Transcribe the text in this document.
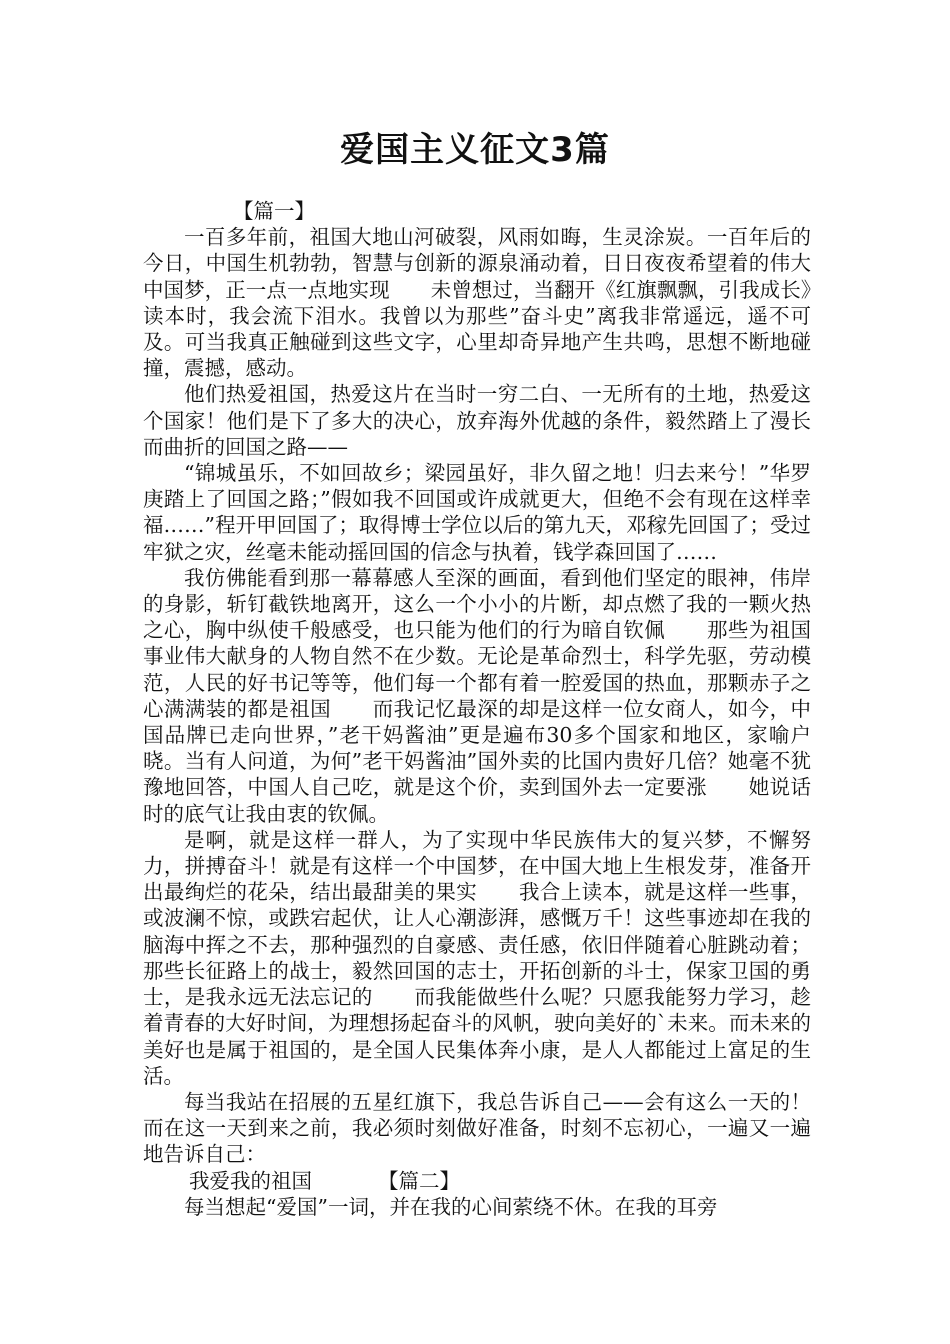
爱国主义征文3篇

【篇一】

一百多年前，祖国大地山河破裂，风雨如晦，生灵涂炭。一百年后的今日，中国生机勃勃，智慧与创新的源泉涌动着，日日夜夜希望着的伟大中国梦，正一点一点地实现　　未曾想过，当翻开《红旗飘飘，引我成长》读本时，我会流下泪水。我曾以为那些”奋斗史”离我非常遥远，遥不可及。可当我真正触碰到这些文字，心里却奇异地产生共鸣，思想不断地碰撞，震撼，感动。

他们热爱祖国，热爱这片在当时一穷二白、一无所有的土地，热爱这个国家！他们是下了多大的决心，放弃海外优越的条件，毅然踏上了漫长而曲折的回国之路——

“锦城虽乐，不如回故乡；梁园虽好，非久留之地！归去来兮！”华罗庚踏上了回国之路；”假如我不回国或许成就更大，但绝不会有现在这样幸福……”程开甲回国了；取得博士学位以后的第九天，邓稼先回国了；受过牢狱之灾，丝毫未能动摇回国的信念与执着，钱学森回国了……

我仿佛能看到那一幕幕感人至深的画面，看到他们坚定的眼神，伟岸的身影，斩钉截铁地离开，这么一个小小的片断，却点燃了我的一颗火热之心，胸中纵使千般感受，也只能为他们的行为暗自钦佩　　那些为祖国事业伟大献身的人物自然不在少数。无论是革命烈士，科学先驱，劳动模范，人民的好书记等等，他们每一个都有着一腔爱国的热血，那颗赤子之心满满装的都是祖国　　而我记忆最深的却是这样一位女商人，如今，中国品牌已走向世界，”老干妈酱油”更是遍布30多个国家和地区，家喻户晓。当有人问道，为何”老干妈酱油”国外卖的比国内贵好几倍？她毫不犹豫地回答，中国人自己吃，就是这个价，卖到国外去一定要涨　　她说话时的底气让我由衷的钦佩。

是啊，就是这样一群人，为了实现中华民族伟大的复兴梦，不懈努力，拼搏奋斗！就是有这样一个中国梦，在中国大地上生根发芽，准备开出最绚烂的花朵，结出最甜美的果实　　我合上读本，就是这样一些事，或波澜不惊，或跌宕起伏，让人心潮澎湃，感慨万千！这些事迹却在我的脑海中挥之不去，那种强烈的自豪感、责任感，依旧伴随着心脏跳动着；那些长征路上的战士，毅然回国的志士，开拓创新的斗士，保家卫国的勇士，是我永远无法忘记的　　而我能做些什么呢？只愿我能努力学习，趁着青春的大好时间，为理想扬起奋斗的风帆，驶向美好的`未来。而未来的美好也是属于祖国的，是全国人民集体奔小康，是人人都能过上富足的生活。

每当我站在招展的五星红旗下，我总告诉自己——会有这么一天的！而在这一天到来之前，我必须时刻做好准备，时刻不忘初心，一遍又一遍地告诉自己：

我爱我的祖国	【篇二】

每当想起“爱国”一词，并在我的心间萦绕不休。在我的耳旁
